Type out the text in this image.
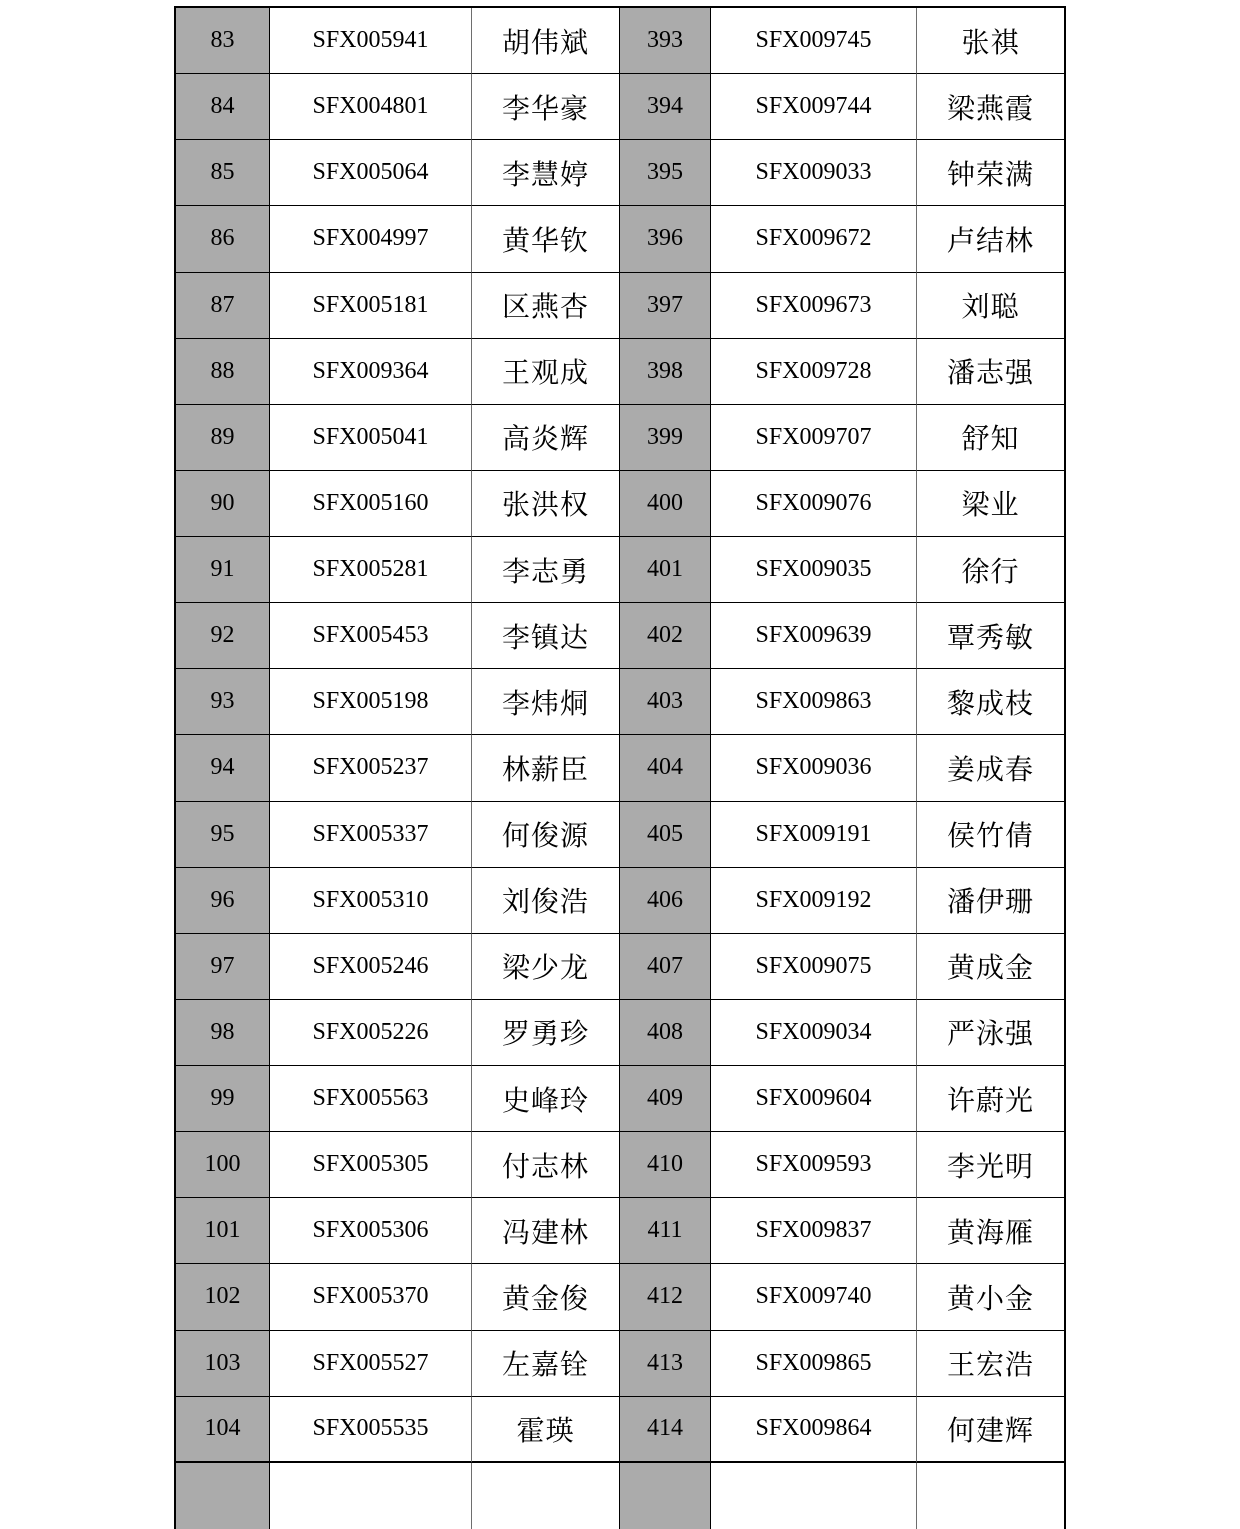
83	SFX005941	胡伟斌	393	SFX009745	张祺
84	SFX004801	李华豪	394	SFX009744	梁燕霞
85	SFX005064	李慧婷	395	SFX009033	钟荣满
86	SFX004997	黄华钦	396	SFX009672	卢结林
87	SFX005181	区燕杏	397	SFX009673	刘聪
88	SFX009364	王观成	398	SFX009728	潘志强
89	SFX005041	高炎辉	399	SFX009707	舒知
90	SFX005160	张洪权	400	SFX009076	梁业
91	SFX005281	李志勇	401	SFX009035	徐行
92	SFX005453	李镇达	402	SFX009639	覃秀敏
93	SFX005198	李炜烔	403	SFX009863	黎成枝
94	SFX005237	林薪臣	404	SFX009036	姜成春
95	SFX005337	何俊源	405	SFX009191	侯竹倩
96	SFX005310	刘俊浩	406	SFX009192	潘伊珊
97	SFX005246	梁少龙	407	SFX009075	黄成金
98	SFX005226	罗勇珍	408	SFX009034	严泳强
99	SFX005563	史峰玲	409	SFX009604	许蔚光
100	SFX005305	付志林	410	SFX009593	李光明
101	SFX005306	冯建林	411	SFX009837	黄海雁
102	SFX005370	黄金俊	412	SFX009740	黄小金
103	SFX005527	左嘉铨	413	SFX009865	王宏浩
104	SFX005535	霍瑛	414	SFX009864	何建辉
